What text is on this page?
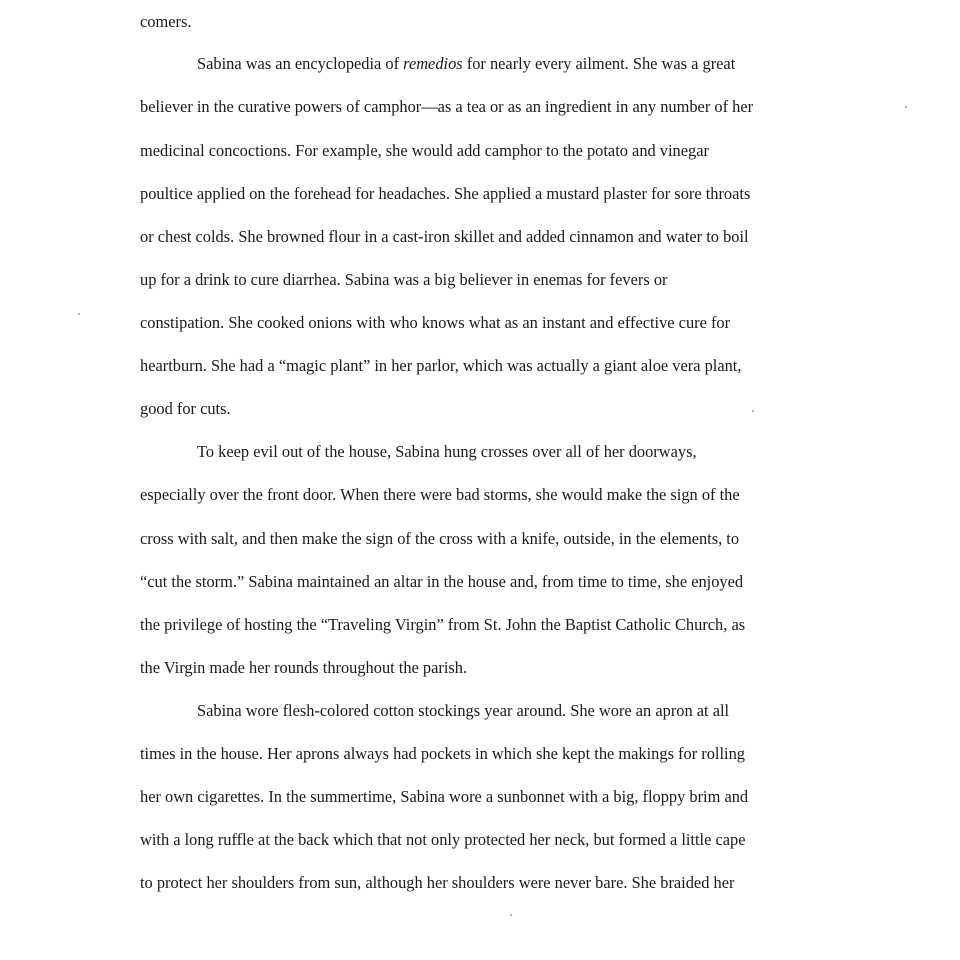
comers.

Sabina was an encyclopedia of remedios for nearly every ailment. She was a great

believer in the curative powers of camphor—as a tea or as an ingredient in any number of her

medicinal concoctions. For example, she would add camphor to the potato and vinegar

poultice applied on the forehead for headaches. She applied a mustard plaster for sore throats

or chest colds. She browned flour in a cast-iron skillet and added cinnamon and water to boil

up for a drink to cure diarrhea. Sabina was a big believer in enemas for fevers or

constipation. She cooked onions with who knows what as an instant and effective cure for

heartburn. She had a “magic plant” in her parlor, which was actually a giant aloe vera plant,

good for cuts.

To keep evil out of the house, Sabina hung crosses over all of her doorways,

especially over the front door. When there were bad storms, she would make the sign of the

cross with salt, and then make the sign of the cross with a knife, outside, in the elements, to

“cut the storm.” Sabina maintained an altar in the house and, from time to time, she enjoyed

the privilege of hosting the “Traveling Virgin” from St. John the Baptist Catholic Church, as

the Virgin made her rounds throughout the parish.

Sabina wore flesh-colored cotton stockings year around. She wore an apron at all

times in the house. Her aprons always had pockets in which she kept the makings for rolling

her own cigarettes. In the summertime, Sabina wore a sunbonnet with a big, floppy brim and

with a long ruffle at the back which that not only protected her neck, but formed a little cape

to protect her shoulders from sun, although her shoulders were never bare. She braided her
